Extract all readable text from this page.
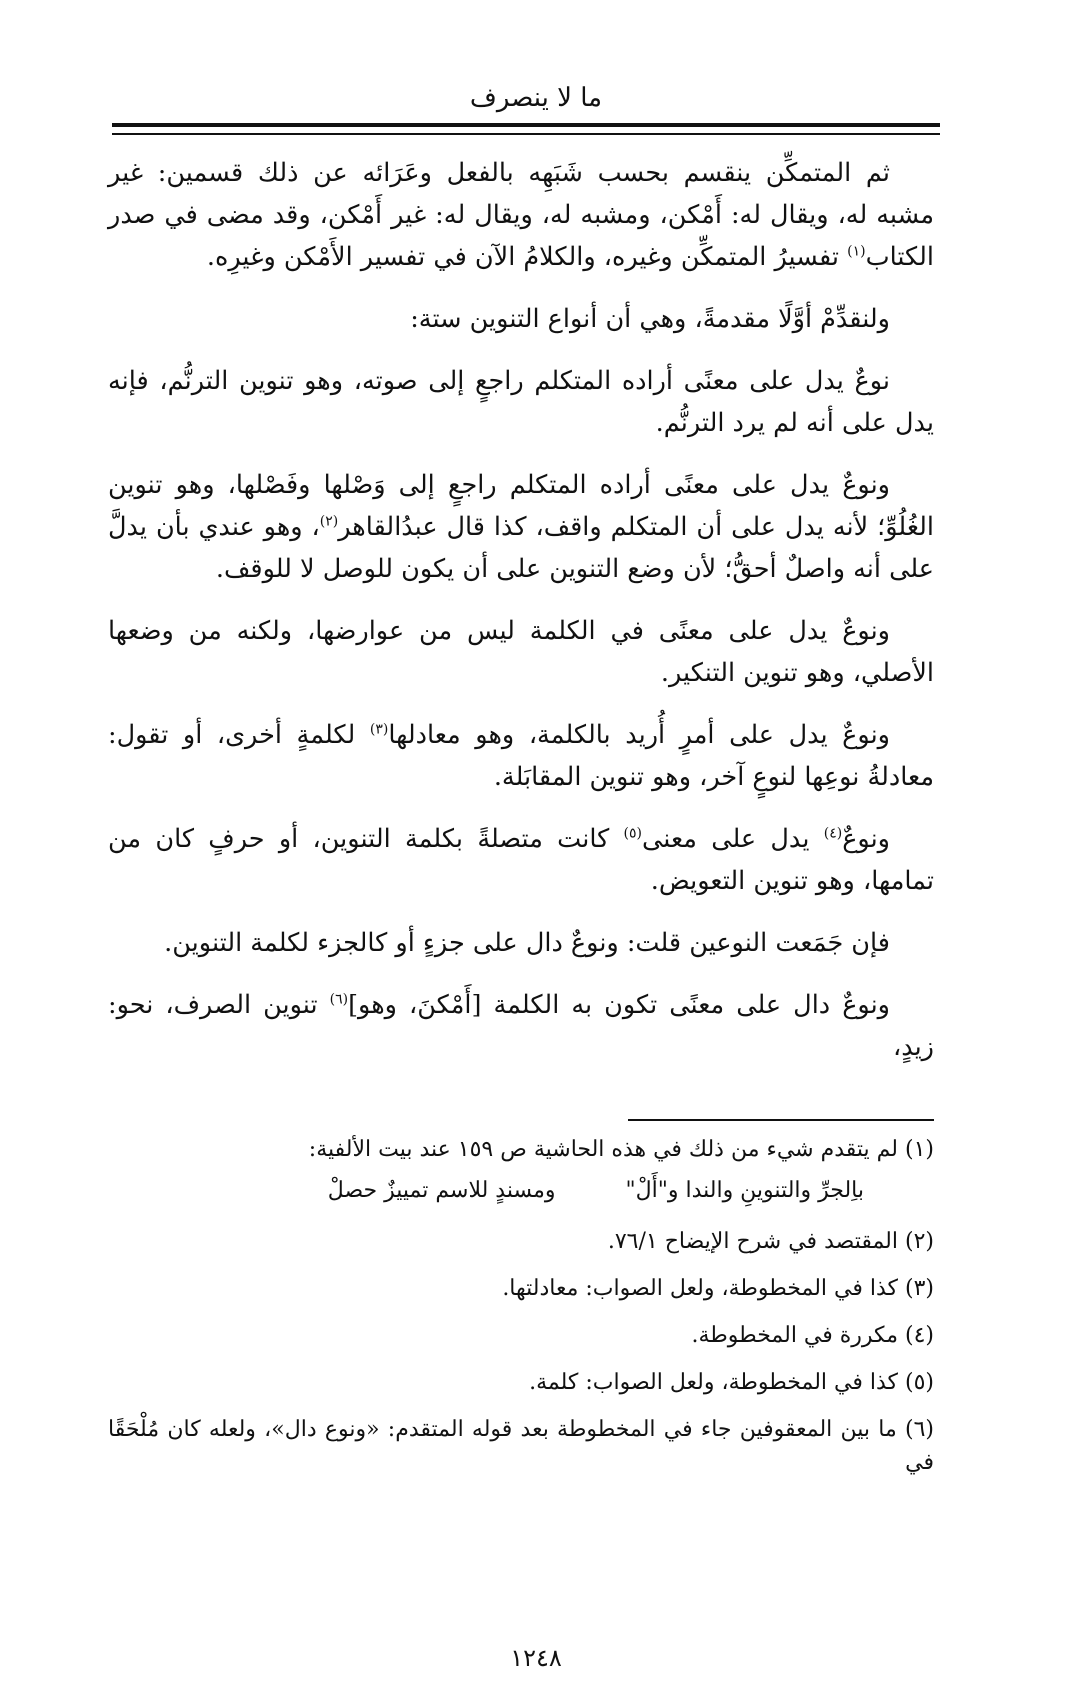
ما لا ينصرف

ثم المتمكِّن ينقسم بحسب شَبَهِه بالفعل وعَرَائه عن ذلك قسمين: غير مشبه له، ويقال له: أَمْكن، ومشبه له، ويقال له: غير أَمْكن، وقد مضى في صدر الكتاب$^{(١)}$ تفسيرُ المتمكِّن وغيره، والكلامُ الآن في تفسير الأَمْكن وغيرِه.

ولنقدِّمْ أوَّلًا مقدمةً، وهي أن أنواع التنوين ستة:

نوعٌ يدل على معنًى أراده المتكلم راجعٍ إلى صوته، وهو تنوين الترنُّم، فإنه يدل على أنه لم يرد الترنُّم.

ونوعٌ يدل على معنًى أراده المتكلم راجعٍ إلى وَصْلها وفَصْلها، وهو تنوين الغُلُوِّ؛ لأنه يدل على أن المتكلم واقف، كذا قال عبدُالقاهر$^{(٢)}$، وهو عندي بأن يدلَّ على أنه واصلٌ أحقُّ؛ لأن وضع التنوين على أن يكون للوصل لا للوقف.

ونوعٌ يدل على معنًى في الكلمة ليس من عوارضها، ولكنه من وضعها الأصلي، وهو تنوين التنكير.

ونوعٌ يدل على أمرٍ أُريد بالكلمة، وهو معادلها$^{(٣)}$ لكلمةٍ أخرى، أو تقول: معادلةُ نوعِها لنوعٍ آخر، وهو تنوين المقابَلة.

ونوعٌ$^{(٤)}$ يدل على معنى$^{(٥)}$ كانت متصلةً بكلمة التنوين، أو حرفٍ كان من تمامها، وهو تنوين التعويض.

فإن جَمَعت النوعين قلت: ونوعٌ دال على جزءٍ أو كالجزء لكلمة التنوين.

ونوعٌ دال على معنًى تكون به الكلمة [أَمْكنَ، وهو]$^{(٦)}$ تنوين الصرف، نحو: زيدٍ،

(١) لم يتقدم شيء من ذلك في هذه الحاشية ص ١٥٩ عند بيت الألفية:
باِلجرِّ والتنوينِ والندا و"أَلْ"
ومسندٍ للاسم تمييزٌ حصلْ
(٢) المقتصد في شرح الإيضاح ٧٦/١.
(٣) كذا في المخطوطة، ولعل الصواب: معادلتها.
(٤) مكررة في المخطوطة.
(٥) كذا في المخطوطة، ولعل الصواب: كلمة.
(٦) ما بين المعقوفين جاء في المخطوطة بعد قوله المتقدم: «ونوع دال»، ولعله كان مُلْحَقًا في
١٢٤٨
